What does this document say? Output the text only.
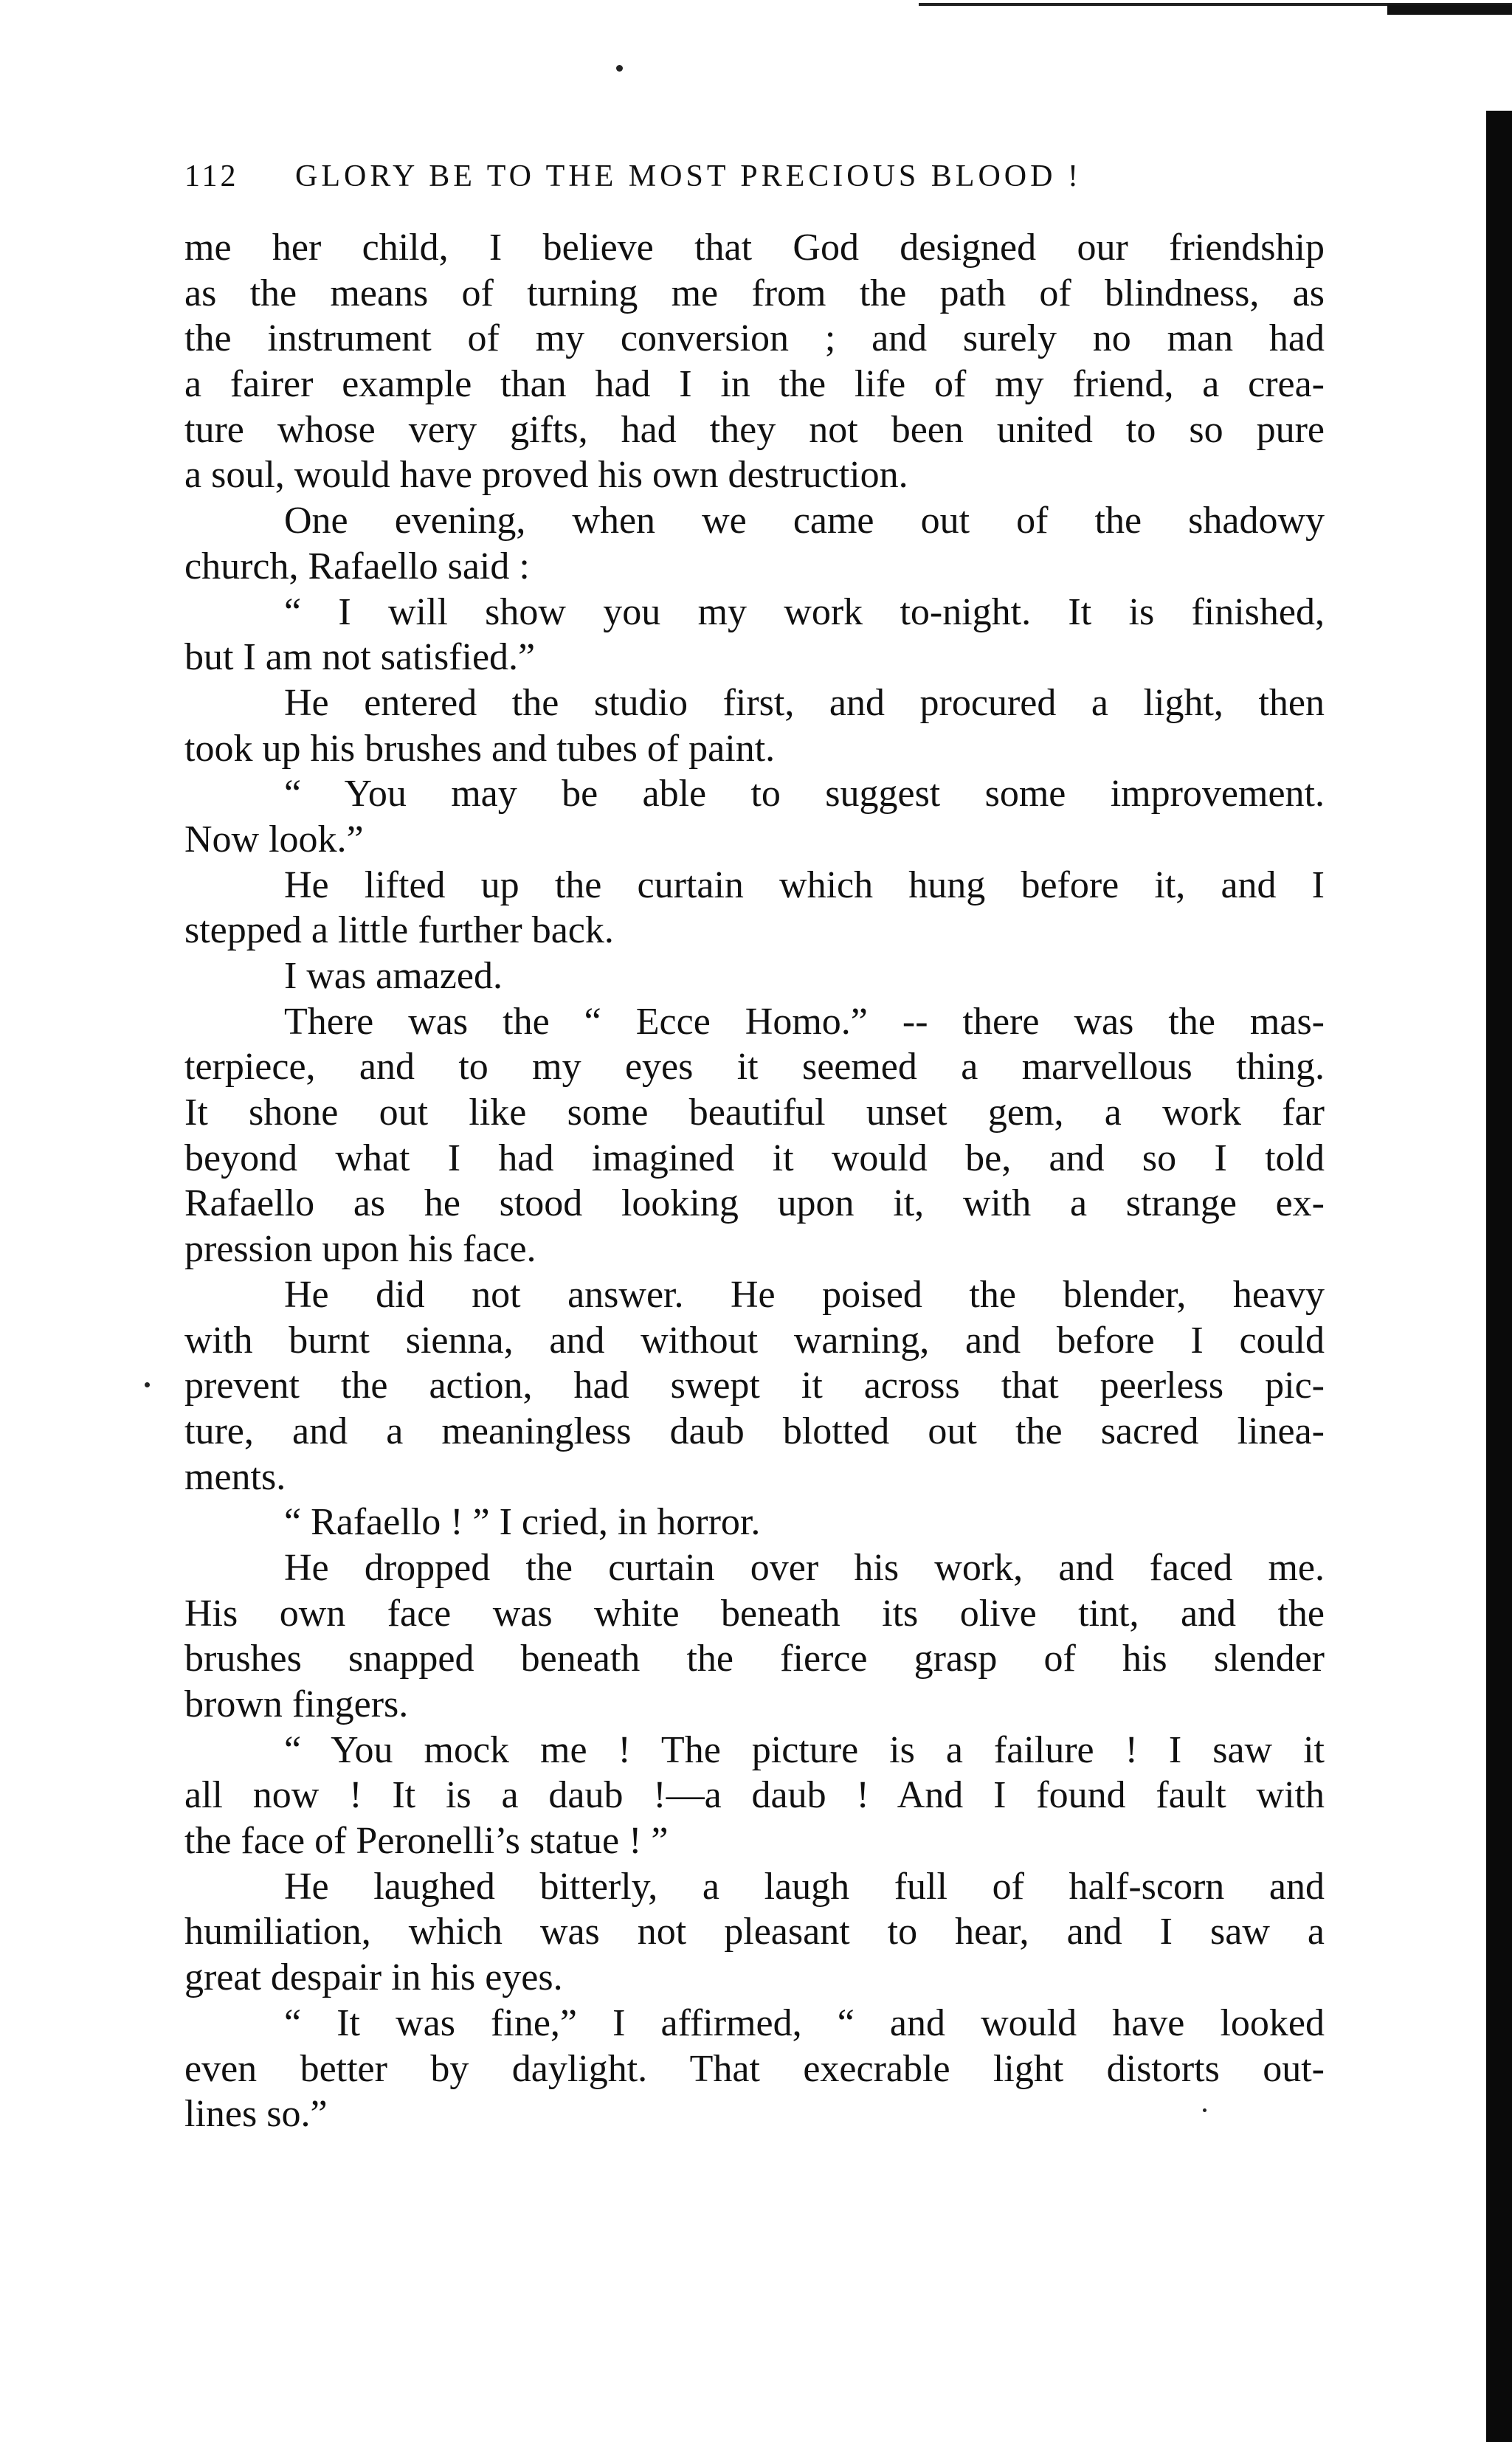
112	GLORY BE TO THE MOST PRECIOUS BLOOD !
me her child, I believe that God designed our friendship
as the means of turning me from the path of blindness, as
the instrument of my conversion ; and surely no man had
a fairer example than had I in the life of my friend, a crea-
ture whose very gifts, had they not been united to so pure
a soul, would have proved his own destruction.
One evening, when we came out of the shadowy
church, Rafaello said :
“ I will show you my work to-night. It is finished,
but I am not satisfied.”
He entered the studio first, and procured a light, then
took up his brushes and tubes of paint.
“ You may be able to suggest some improvement.
Now look.”
He lifted up the curtain which hung before it, and I
stepped a little further back.
I was amazed.
There was the “ Ecce Homo.” -- there was the mas-
terpiece, and to my eyes it seemed a marvellous thing.
It shone out like some beautiful unset gem, a work far
beyond what I had imagined it would be, and so I told
Rafaello as he stood looking upon it, with a strange ex-
pression upon his face.
He did not answer. He poised the blender, heavy
with burnt sienna, and without warning, and before I could
prevent the action, had swept it across that peerless pic-
ture, and a meaningless daub blotted out the sacred linea-
ments.
“ Rafaello ! ” I cried, in horror.
He dropped the curtain over his work, and faced me.
His own face was white beneath its olive tint, and the
brushes snapped beneath the fierce grasp of his slender
brown fingers.
“ You mock me ! The picture is a failure ! I saw it
all now ! It is a daub !—a daub ! And I found fault with
the face of Peronelli’s statue ! ”
He laughed bitterly, a laugh full of half-scorn and
humiliation, which was not pleasant to hear, and I saw a
great despair in his eyes.
“ It was fine,” I affirmed, “ and would have looked
even better by daylight. That execrable light distorts out-
lines so.”
